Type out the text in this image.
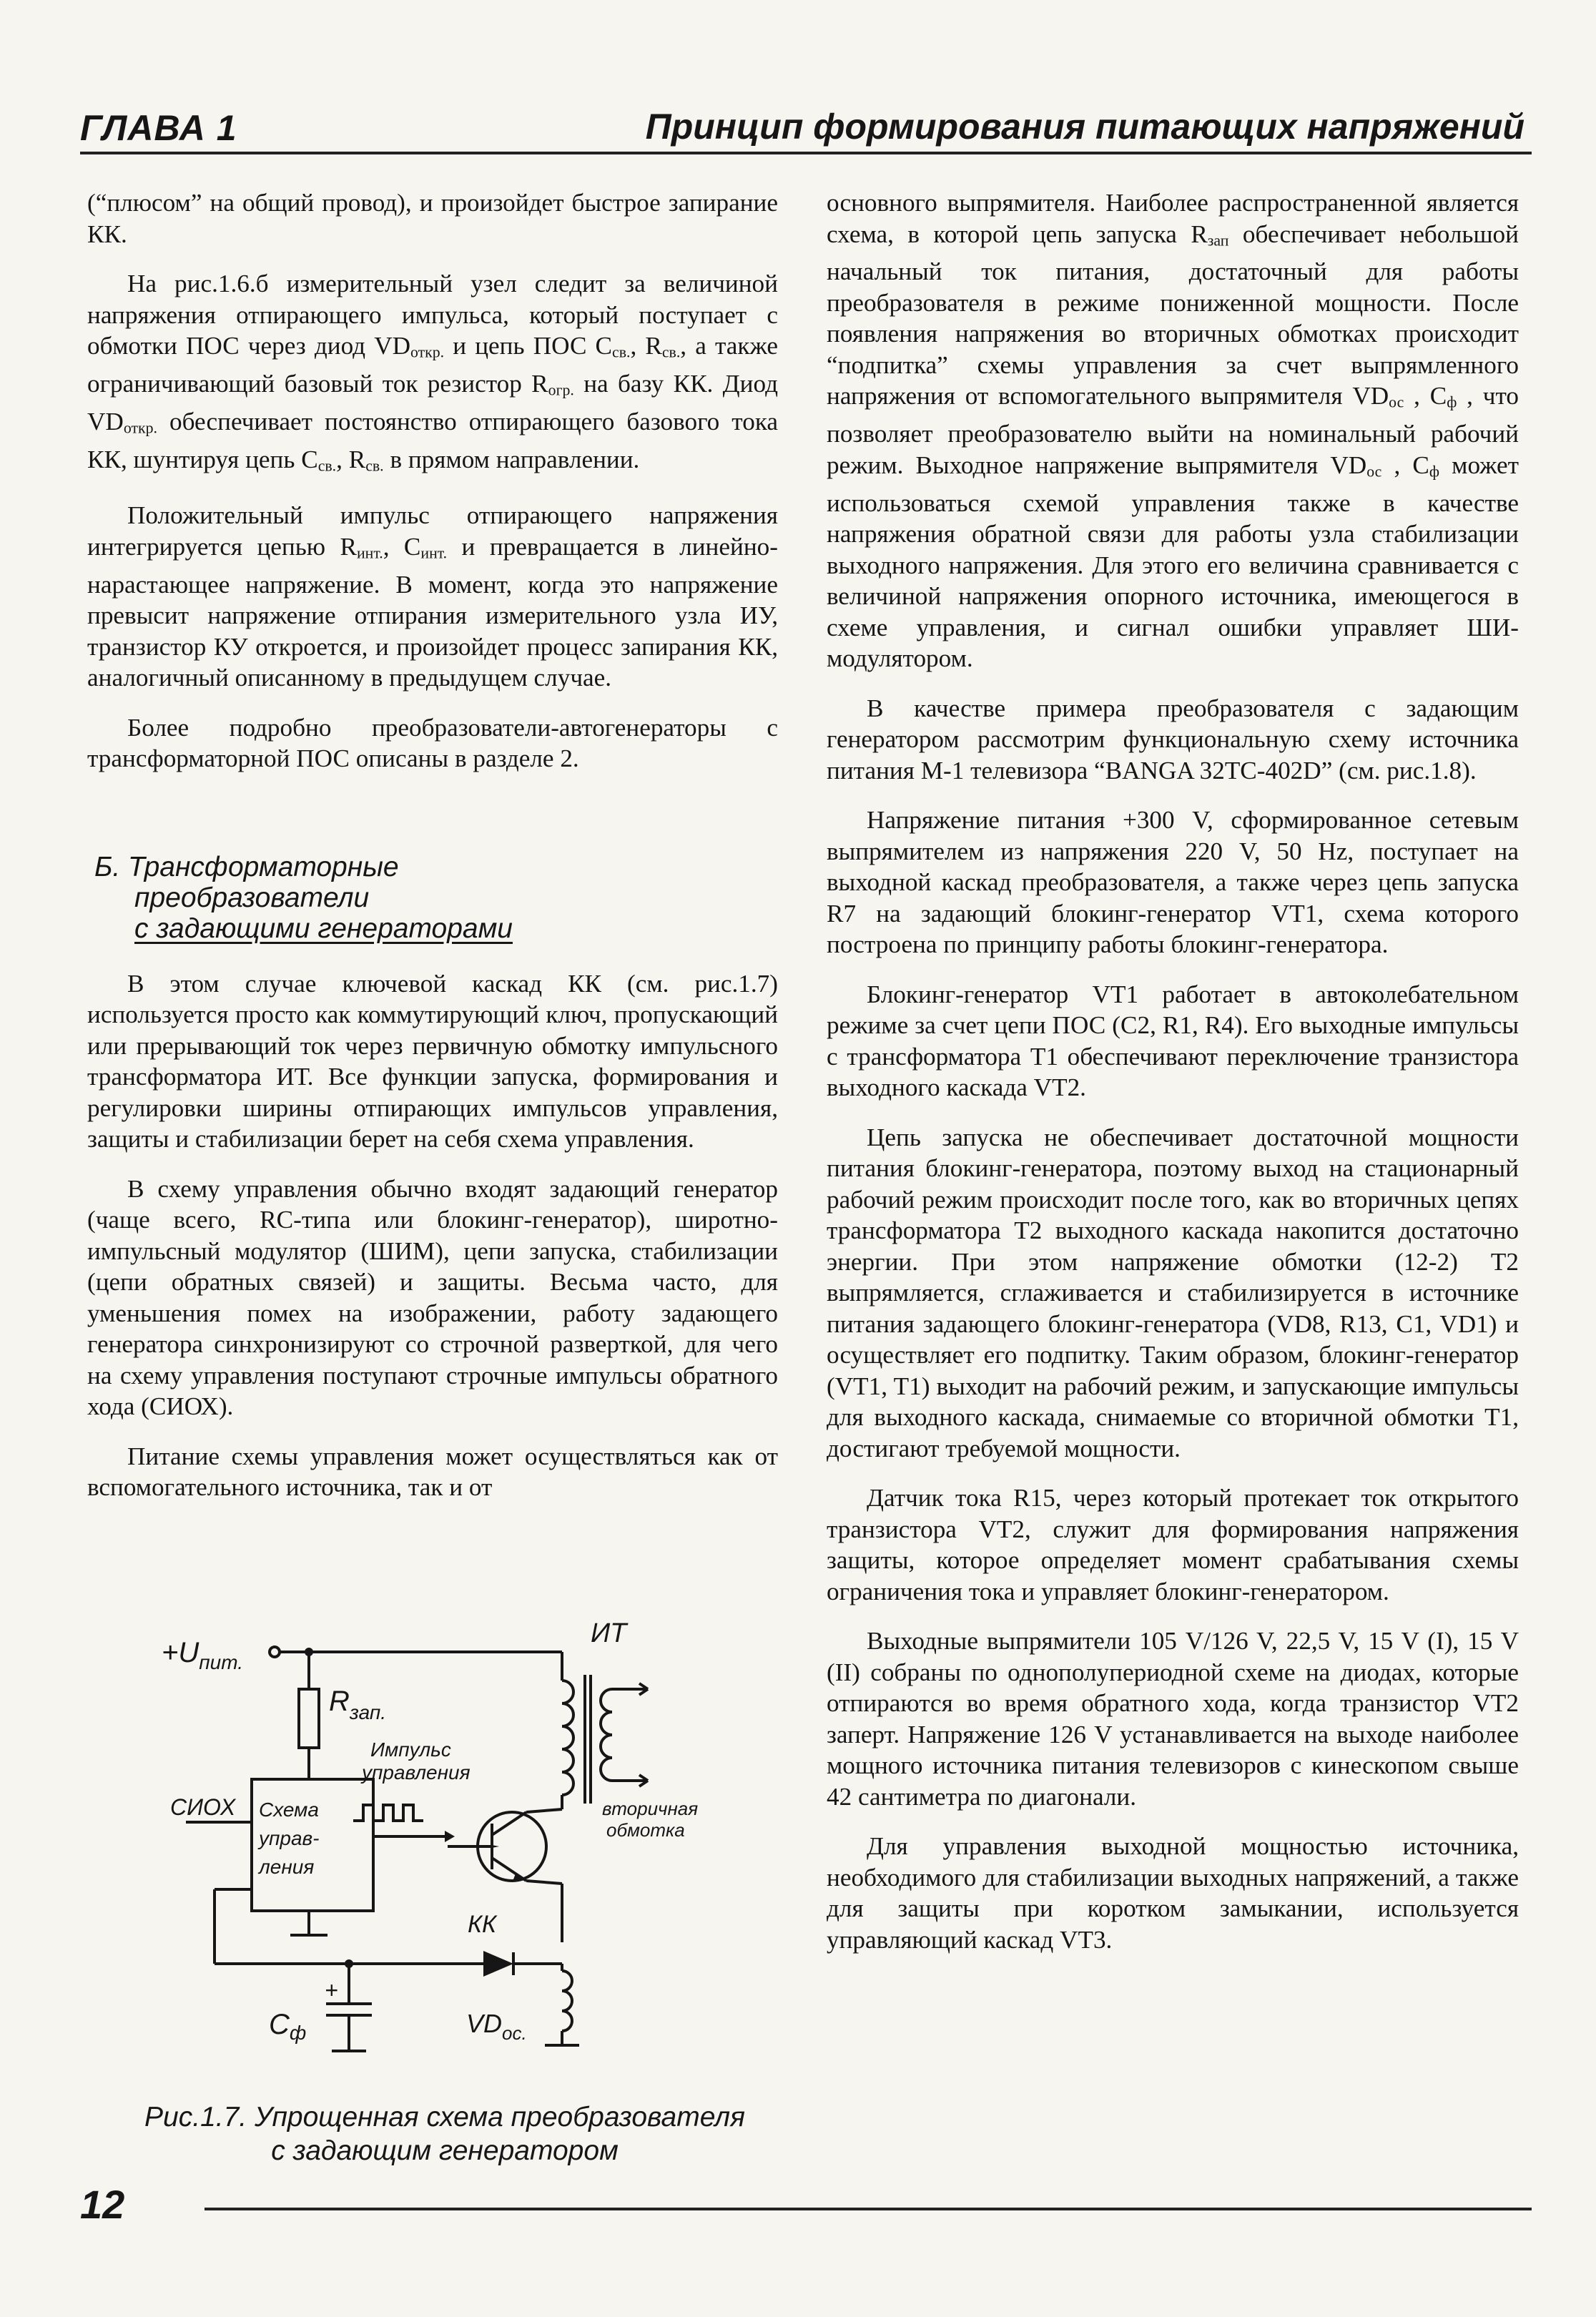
ГЛАВА 1	Принцип формирования питающих напряжений

(“плюсом” на общий провод), и произойдет быстрое запирание КК.

На рис.1.6.б измерительный узел следит за величиной напряжения отпирающего импульса, который поступает с обмотки ПОС через диод VDоткр. и цепь ПОС Cсв., Rсв., а также ограничивающий базовый ток резистор Rогр. на базу КК. Диод VDоткр. обеспечивает постоянство отпирающего базового тока КК, шунтируя цепь Cсв., Rсв. в прямом направлении.

Положительный импульс отпирающего напряжения интегрируется цепью Rинт., Cинт. и превращается в линейно-нарастающее напряжение. В момент, когда это напряжение превысит напряжение отпирания измерительного узла ИУ, транзистор КУ откроется, и произойдет процесс запирания КК, аналогичный описанному в предыдущем случае.

Более подробно преобразователи-автогенераторы с трансформаторной ПОС описаны в разделе 2.

Б. Трансформаторные
преобразователи
с задающими генераторами

В этом случае ключевой каскад КК (см. рис.1.7) используется просто как коммутирующий ключ, пропускающий или прерывающий ток через первичную обмотку импульсного трансформатора ИТ. Все функции запуска, формирования и регулировки ширины отпирающих импульсов управления, защиты и стабилизации берет на себя схема управления.

В схему управления обычно входят задающий генератор (чаще всего, RC-типа или блокинг-генератор), широтно-импульсный модулятор (ШИМ), цепи запуска, стабилизации (цепи обратных связей) и защиты. Весьма часто, для уменьшения помех на изображении, работу задающего генератора синхронизируют со строчной разверткой, для чего на схему управления поступают строчные импульсы обратного хода (СИОХ).

Питание схемы управления может осуществляться как от вспомогательного источника, так и от

$+U_{пит.}$
$R_{зап.}$
Импульс
управления
СИОХ Схема
управ-
ления
КК
ИТ
вторичная
обмотка
$C_ф$
+
$VD_{ос.}$
Рис.1.7. Упрощенная схема преобразователя
с задающим генератором

основного выпрямителя. Наиболее распространенной является схема, в которой цепь запуска Rзап обеспечивает небольшой начальный ток питания, достаточный для работы преобразователя в режиме пониженной мощности. После появления напряжения во вторичных обмотках происходит “подпитка” схемы управления за счет выпрямленного напряжения от вспомогательного выпрямителя VDос , Cф , что позволяет преобразователю выйти на номинальный рабочий режим. Выходное напряжение выпрямителя VDос , Cф может использоваться схемой управления также в качестве напряжения обратной связи для работы узла стабилизации выходного напряжения. Для этого его величина сравнивается с величиной напряжения опорного источника, имеющегося в схеме управления, и сигнал ошибки управляет ШИ-модулятором.

В качестве примера преобразователя с задающим генератором рассмотрим функциональную схему источника питания M-1 телевизора “BANGA 32TC-402D” (см. рис.1.8).

Напряжение питания +300 V, сформированное сетевым выпрямителем из напряжения 220 V, 50 Hz, поступает на выходной каскад преобразователя, а также через цепь запуска R7 на задающий блокинг-генератор VT1, схема которого построена по принципу работы блокинг-генератора.

Блокинг-генератор VT1 работает в автоколебательном режиме за счет цепи ПОС (С2, R1, R4). Его выходные импульсы с трансформатора T1 обеспечивают переключение транзистора выходного каскада VT2.

Цепь запуска не обеспечивает достаточной мощности питания блокинг-генератора, поэтому выход на стационарный рабочий режим происходит после того, как во вторичных цепях трансформатора T2 выходного каскада накопится достаточно энергии. При этом напряжение обмотки (12-2) T2 выпрямляется, сглаживается и стабилизируется в источнике питания задающего блокинг-генератора (VD8, R13, C1, VD1) и осуществляет его подпитку. Таким образом, блокинг-генератор (VT1, T1) выходит на рабочий режим, и запускающие импульсы для выходного каскада, снимаемые со вторичной обмотки T1, достигают требуемой мощности.

Датчик тока R15, через который протекает ток открытого транзистора VT2, служит для формирования напряжения защиты, которое определяет момент срабатывания схемы ограничения тока и управляет блокинг-генератором.

Выходные выпрямители 105 V/126 V, 22,5 V, 15 V (I), 15 V (II) собраны по однополупериодной схеме на диодах, которые отпираются во время обратного хода, когда транзистор VT2 заперт. Напряжение 126 V устанавливается на выходе наиболее мощного источника питания телевизоров с кинескопом свыше 42 сантиметра по диагонали.

Для управления выходной мощностью источника, необходимого для стабилизации выходных напряжений, а также для защиты при коротком замыкании, используется управляющий каскад VT3.

12
